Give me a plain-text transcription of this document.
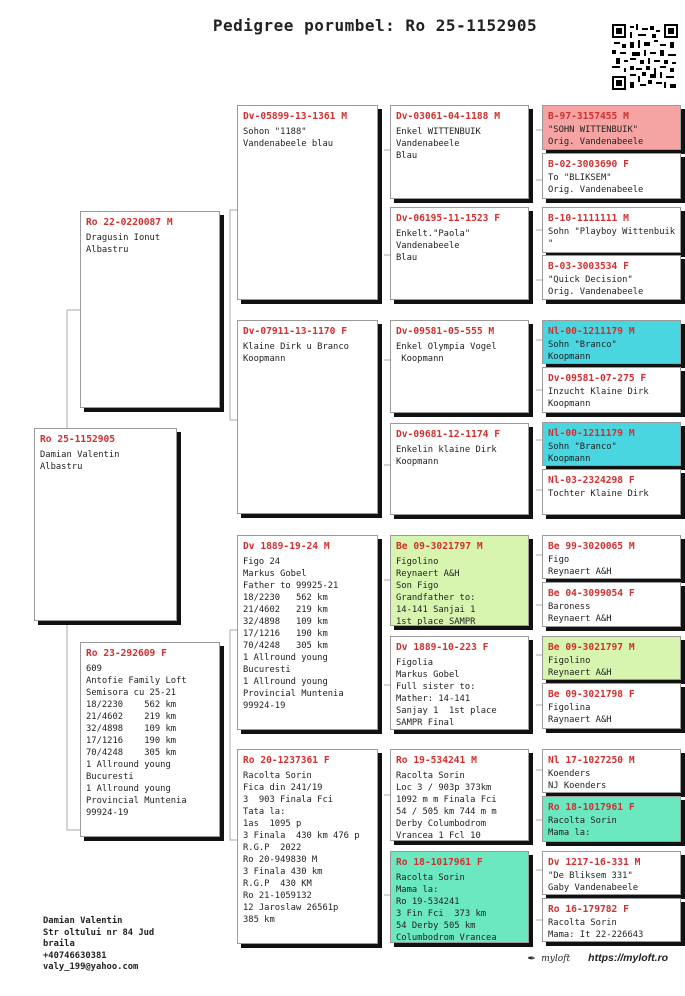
Pedigree porumbel: Ro 25-1152905
Ro 25-1152905
Damian Valentin
Albastru
Ro 22-0220087 M
Dragusin Ionut
Albastru
Ro 23-292609 F
609
Antofie Family Loft
Semisora cu 25-21
18/2230    562 km
21/4602    219 km
32/4898    109 km
17/1216    190 km
70/4248    305 km
1 Allround young
Bucuresti
1 Allround young
Provincial Muntenia
99924-19
Dv-05899-13-1361 M
Sohon "1188"
Vandenabeele blau
Dv-07911-13-1170 F
Klaine Dirk u Branco
Koopmann
Dv 1889-19-24 M
Figo 24
Markus Gobel
Father to 99925-21
18/2230   562 km
21/4602   219 km
32/4898   109 km
17/1216   190 km
70/4248   305 km
1 Allround young
Bucuresti
1 Allround young
Provincial Muntenia
99924-19
Ro 20-1237361 F
Racolta Sorin
Fica din 241/19
3  903 Finala Fci
Tata la:
1as  1095 p
3 Finala  430 km 476 p
R.G.P  2022
Ro 20-949830 M
3 Finala 430 km
R.G.P  430 KM
Ro 21-1059132
12 Jaroslaw 26561p
385 km
Dv-03061-04-1188 M
Enkel WITTENBUIK
Vandenabeele
Blau
Dv-06195-11-1523 F
Enkelt."Paola"
Vandenabeele
Blau
Dv-09581-05-555 M
Enkel Olympia Vogel
Koopmann
Dv-09681-12-1174 F
Enkelin klaine Dirk
Koopmann
Be 09-3021797 M
Figolino
Reynaert A&H
Son Figo
Grandfather to:
14-141 Sanjai 1
1st place SAMPR
Dv 1889-10-223 F
Figolia
Markus Gobel
Full sister to:
Mather: 14-141
Sanjay 1  1st place
SAMPR Final
Ro 19-534241 M
Racolta Sorin
Loc 3 / 903p 373km
1092 m m Finala Fci
54 / 505 km 744 m m
Derby Columbodrom
Vrancea 1 Fcl 10
Ro 18-1017961 F
Racolta Sorin
Mama la:
Ro 19-534241
3 Fin Fci  373 km
54 Derby 505 km
Columbodrom Vrancea
B-97-3157455 M
"SOHN WITTENBUIK"
Orig. Vandenabeele
B-02-3003690 F
To "BLIKSEM"
Orig. Vandenabeele
B-10-1111111 M
Sohn "Playboy Wittenbuik
"
B-03-3003534 F
"Quick Decision"
Orig. Vandenabeele
Nl-00-1211179 M
Sohn "Branco"
Koopmann
Dv-09581-07-275 F
Inzucht Klaine Dirk
Koopmann
Nl-00-1211179 M
Sohn "Branco"
Koopmann
Nl-03-2324298 F
Tochter Klaine Dirk
Be 99-3020065 M
Figo
Reynaert A&H
Be 04-3099054 F
Baroness
Reynaert A&H
Be 09-3021797 M
Figolino
Reynaert A&H
Be 09-3021798 F
Figolina
Raynaert A&H
Nl 17-1027250 M
Koenders
NJ Koenders
Ro 18-1017961 F
Racolta Sorin
Mama la:
Dv 1217-16-331 M
"De Bliksem 331"
Gaby Vandenabeele
Ro 16-179782 F
Racolta Sorin
Mama: It 22-226643
Damian Valentin
Str oltului nr 84 Jud
braila
+40746630381
valy_199@yahoo.com
✒ myloft https://myloft.ro
